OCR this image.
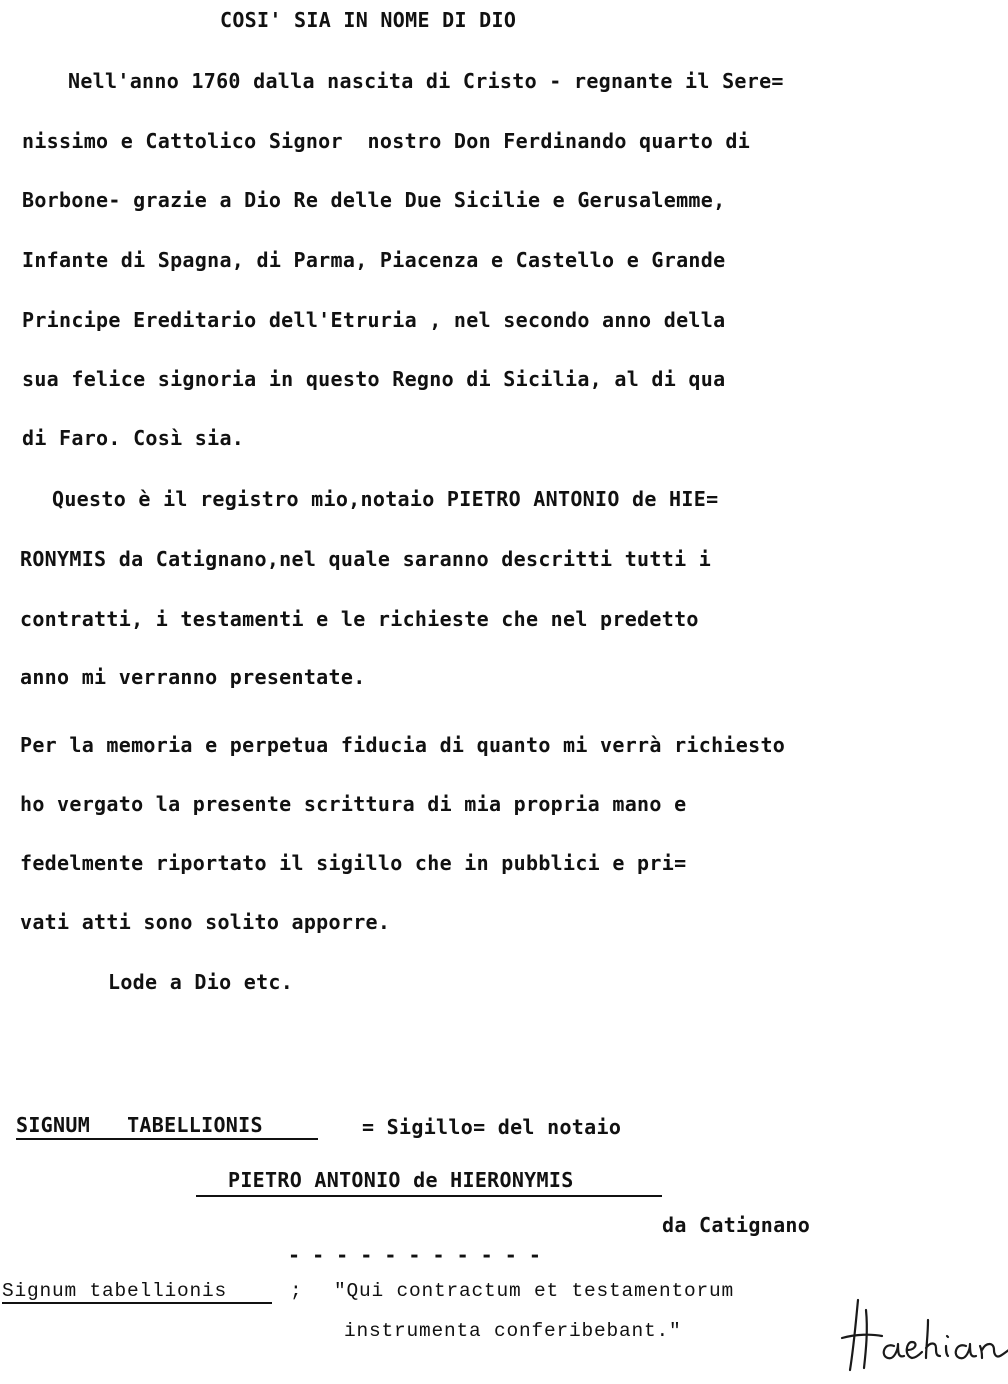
COSI' SIA IN NOME DI DIO
Nell'anno 1760 dalla nascita di Cristo - regnante il Sere=
nissimo e Cattolico Signor  nostro Don Ferdinando quarto di
Borbone- grazie a Dio Re delle Due Sicilie e Gerusalemme,
Infante di Spagna, di Parma, Piacenza e Castello e Grande
Principe Ereditario dell'Etruria , nel secondo anno della
sua felice signoria in questo Regno di Sicilia, al di qua
di Faro. Così sia.
Questo è il registro mio,notaio PIETRO ANTONIO de HIE=
RONYMIS da Catignano,nel quale saranno descritti tutti i
contratti, i testamenti e le richieste che nel predetto
anno mi verranno presentate.
Per la memoria e perpetua fiducia di quanto mi verrà richiesto
ho vergato la presente scrittura di mia propria mano e
fedelmente riportato il sigillo che in pubblici e pri=
vati atti sono solito apporre.
Lode a Dio etc.
SIGNUM   TABELLIONIS	= Sigillo= del notaio
PIETRO ANTONIO de HIERONYMIS
da Catignano
- - - - - - - - - - -
Signum tabellionis	; "Qui contractum et testamentorum
instrumenta conferibebant."
